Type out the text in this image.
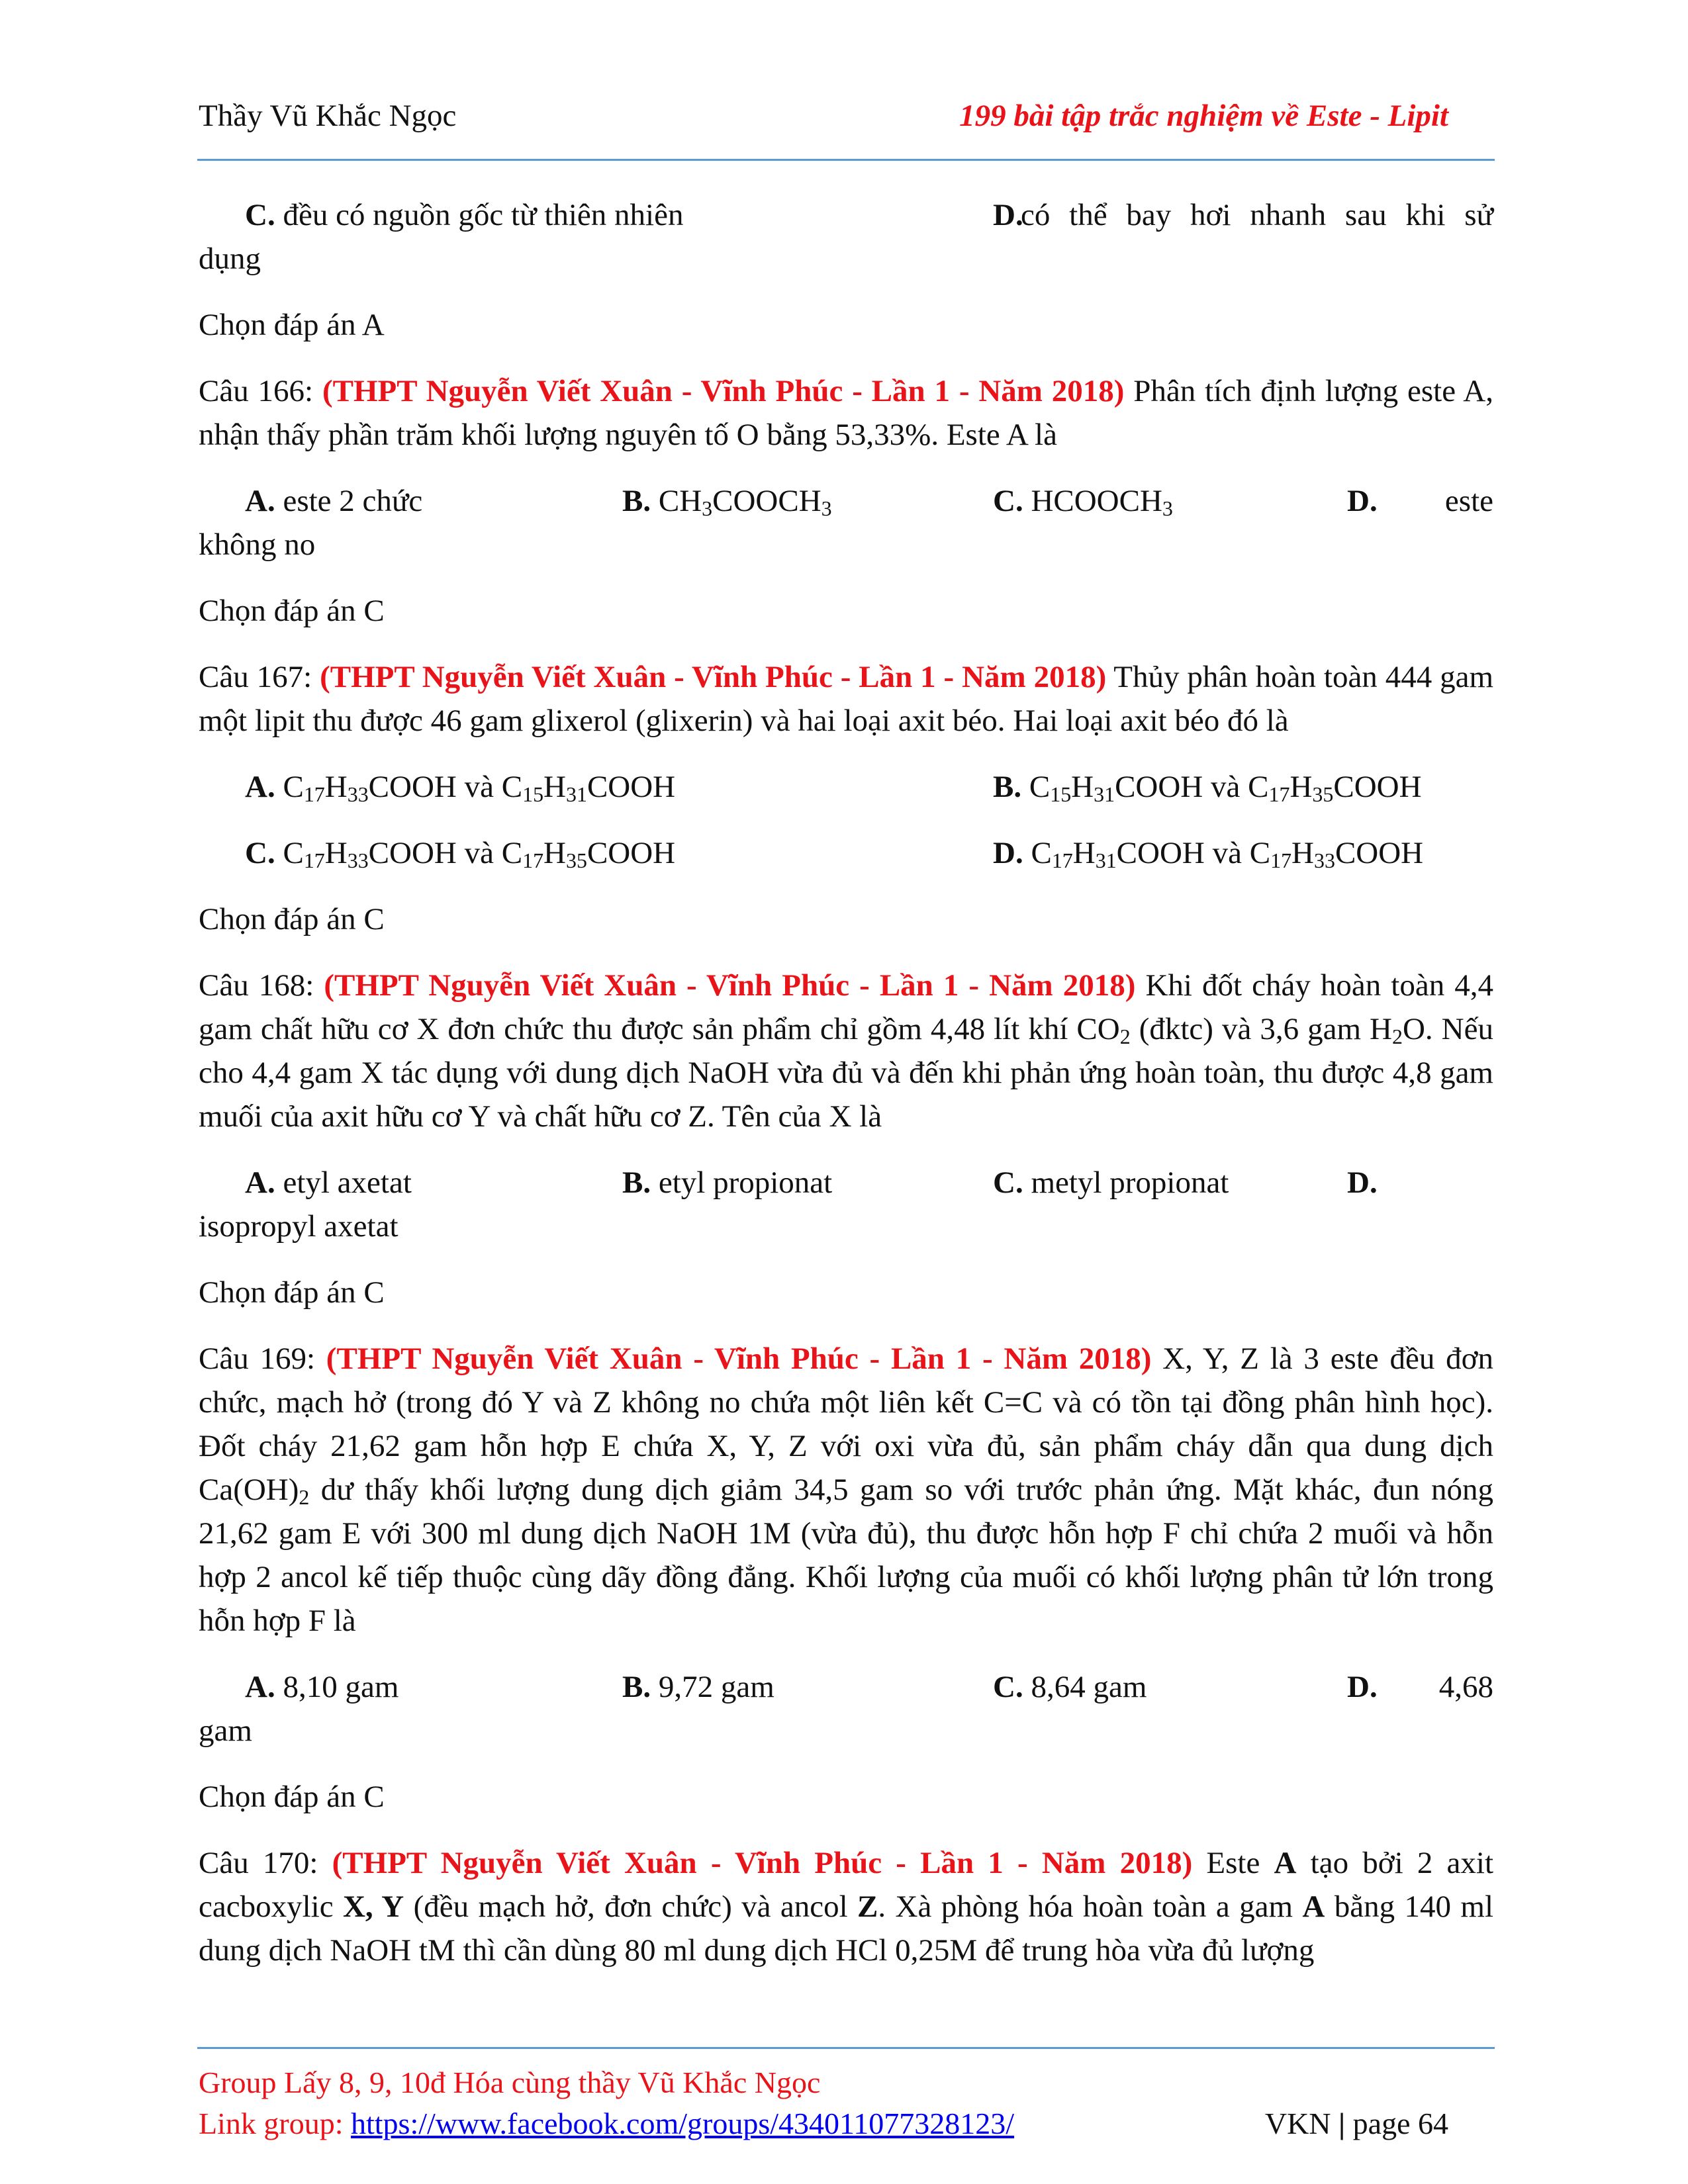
Thầy Vũ Khắc Ngọc	199 bài tập trắc nghiệm về Este - Lipit
C. đều có nguồn gốc từ thiên nhiên	D.
có thể bay hơi nhanh sau khi sử
dụng
Chọn đáp án A
Câu 166: (THPT Nguyễn Viết Xuân - Vĩnh Phúc - Lần 1 - Năm 2018) Phân tích định lượng este A, nhận thấy phần trăm khối lượng nguyên tố O bằng 53,33%. Este A là
A. este 2 chức	B. $CH_3COOCH_3$	C. $HCOOCH_3$	D. este
không no
Chọn đáp án C
Câu 167: (THPT Nguyễn Viết Xuân - Vĩnh Phúc - Lần 1 - Năm 2018) Thủy phân hoàn toàn 444 gam một lipit thu được 46 gam glixerol (glixerin) và hai loại axit béo. Hai loại axit béo đó là
A. $C_{17}H_{33}COOH$ và $C_{15}H_{31}COOH$	B. $C_{15}H_{31}COOH$ và $C_{17}H_{35}COOH$
C. $C_{17}H_{33}COOH$ và $C_{17}H_{35}COOH$	D. $C_{17}H_{31}COOH$ và $C_{17}H_{33}COOH$
Chọn đáp án C
Câu 168: (THPT Nguyễn Viết Xuân - Vĩnh Phúc - Lần 1 - Năm 2018) Khi đốt cháy hoàn toàn 4,4 gam chất hữu cơ X đơn chức thu được sản phẩm chỉ gồm 4,48 lít khí $CO_2$ (đktc) và 3,6 gam $H_2O$. Nếu cho 4,4 gam X tác dụng với dung dịch NaOH vừa đủ và đến khi phản ứng hoàn toàn, thu được 4,8 gam muối của axit hữu cơ Y và chất hữu cơ Z. Tên của X là
A. etyl axetat	B. etyl propionat	C. metyl propionat	D.
isopropyl axetat
Chọn đáp án C
Câu 169: (THPT Nguyễn Viết Xuân - Vĩnh Phúc - Lần 1 - Năm 2018) X, Y, Z là 3 este đều đơn chức, mạch hở (trong đó Y và Z không no chứa một liên kết C=C và có tồn tại đồng phân hình học). Đốt cháy 21,62 gam hỗn hợp E chứa X, Y, Z với oxi vừa đủ, sản phẩm cháy dẫn qua dung dịch $Ca(OH)_2$ dư thấy khối lượng dung dịch giảm 34,5 gam so với trước phản ứng. Mặt khác, đun nóng 21,62 gam E với 300 ml dung dịch NaOH 1M (vừa đủ), thu được hỗn hợp F chỉ chứa 2 muối và hỗn hợp 2 ancol kế tiếp thuộc cùng dãy đồng đẳng. Khối lượng của muối có khối lượng phân tử lớn trong hỗn hợp F là
A. 8,10 gam	B. 9,72 gam	C. 8,64 gam	D. 4,68
gam
Chọn đáp án C
Câu 170: (THPT Nguyễn Viết Xuân - Vĩnh Phúc - Lần 1 - Năm 2018) Este A tạo bởi 2 axit cacboxylic X, Y (đều mạch hở, đơn chức) và ancol Z. Xà phòng hóa hoàn toàn a gam A bằng 140 ml dung dịch NaOH tM thì cần dùng 80 ml dung dịch HCl 0,25M để trung hòa vừa đủ lượng
Group Lấy 8, 9, 10đ Hóa cùng thầy Vũ Khắc Ngọc
Link group: https://www.facebook.com/groups/434011077328123/	VKN | page 64
